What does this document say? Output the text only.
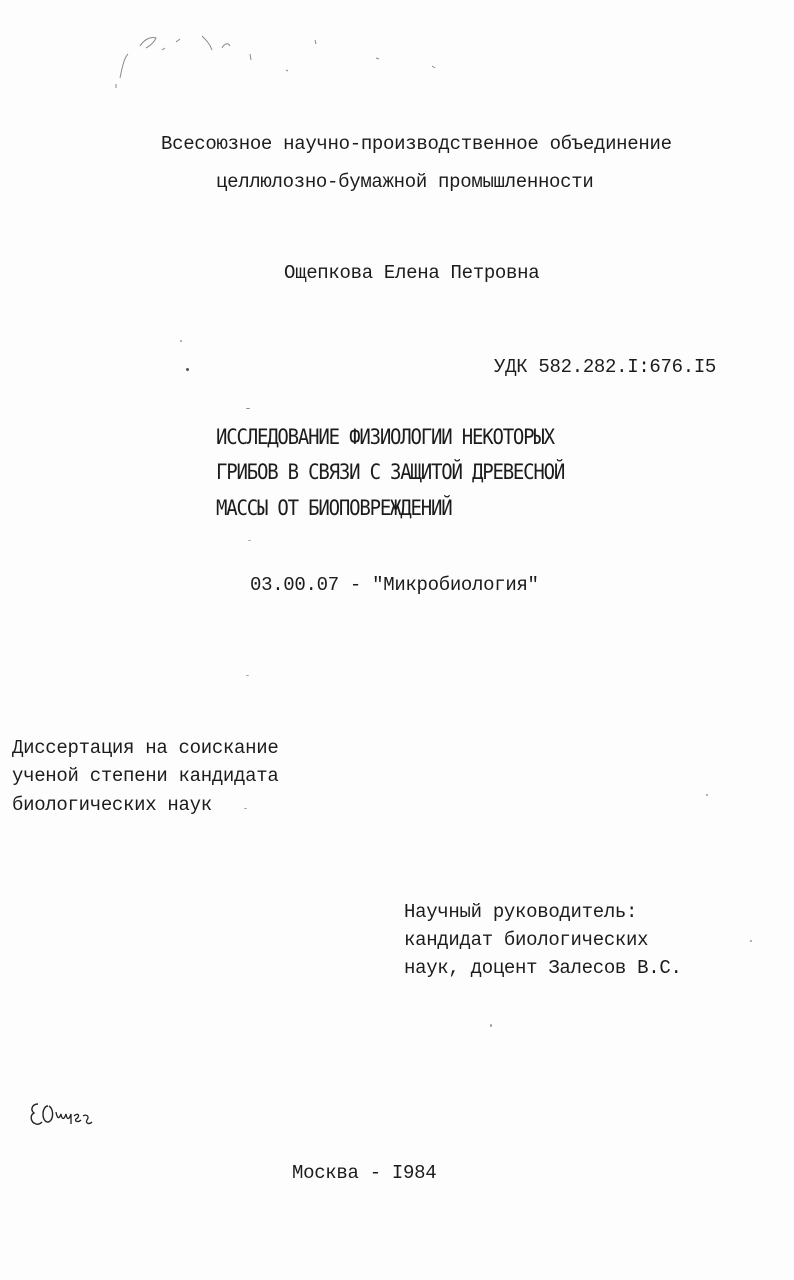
Всесоюзное научно-производственное объединение
целлюлозно-бумажной промышленности
Ощепкова Елена Петровна
УДК 582.282.I:676.I5
ИССЛЕДОВАНИЕ ФИЗИОЛОГИИ НЕКОТОРЫХ
ГРИБОВ В СВЯЗИ С ЗАЩИТОЙ ДРЕВЕСНОЙ
МАССЫ ОТ БИОПОВРЕЖДЕНИЙ
03.00.07 - "Микробиология"
Диссертация на соискание
ученой степени кандидата
биологических наук
Научный руководитель:
кандидат биологических
наук, доцент Залесов В.С.
Москва - I984
